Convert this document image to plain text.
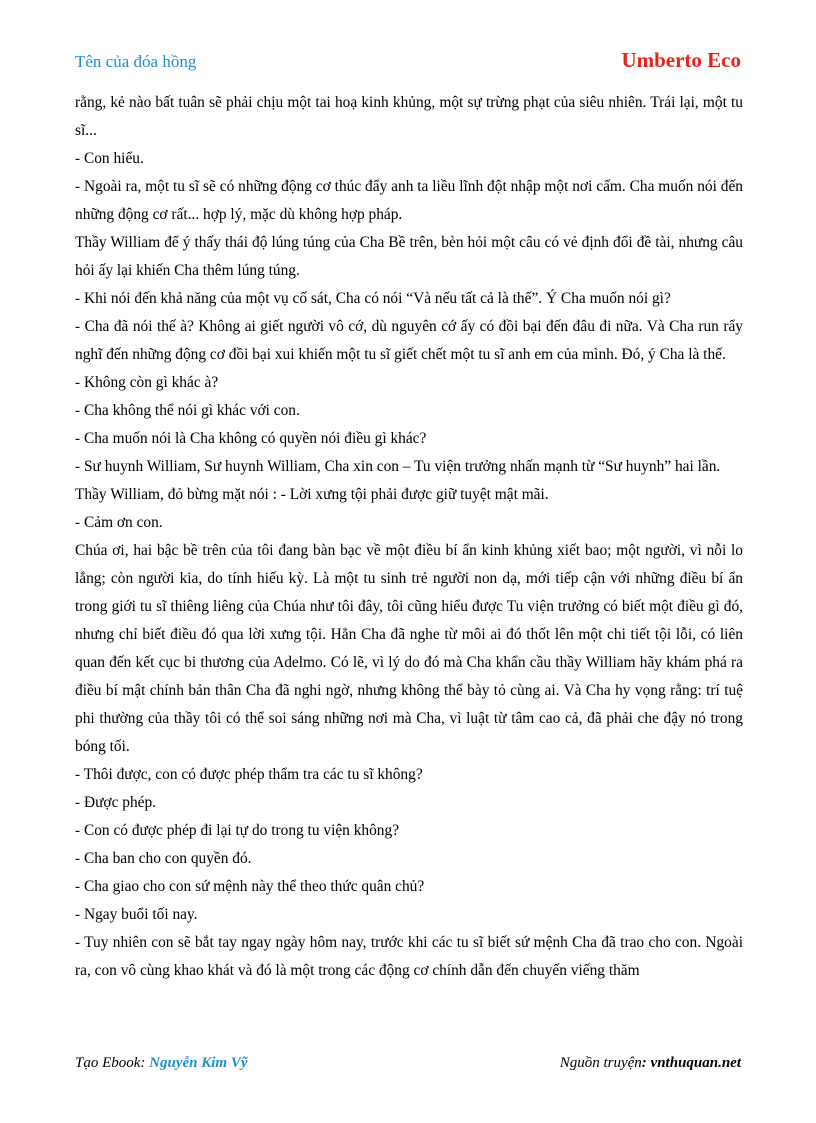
Tên của đóa hồng	Umberto Eco

rằng, kẻ nào bất tuân sẽ phải chịu một tai hoạ kinh khủng, một sự trừng phạt của siêu nhiên. Trái lại, một tu sĩ...

- Con hiểu.

- Ngoài ra, một tu sĩ sẽ có những động cơ thúc đẩy anh ta liều lĩnh đột nhập một nơi cấm. Cha muốn nói đến những động cơ rất... hợp lý, mặc dù không hợp pháp.

Thầy William để ý thấy thái độ lúng túng của Cha Bề trên, bèn hỏi một câu có vẻ định đổi đề tài, nhưng câu hỏi ấy lại khiến Cha thêm lúng túng.

- Khi nói đến khả năng của một vụ cố sát, Cha có nói “Và nếu tất cả là thế”. Ý Cha muốn nói gì?

- Cha đã nói thế à? Không ai giết người vô cớ, dù nguyên cớ ấy có đồi bại đến đâu đi nữa. Và Cha run rẩy nghĩ đến những động cơ đồi bại xui khiến một tu sĩ giết chết một tu sĩ anh em của mình. Đó, ý Cha là thế.

- Không còn gì khác à?

- Cha không thể nói gì khác với con.

- Cha muốn nói là Cha không có quyền nói điều gì khác?

- Sư huynh William, Sư huynh William, Cha xin con – Tu viện trưởng nhấn mạnh từ “Sư huynh” hai lần.

Thầy William, đỏ bừng mặt nói : - Lời xưng tội phải được giữ tuyệt mật mãi.

- Cảm ơn con.

Chúa ơi, hai bậc bề trên của tôi đang bàn bạc về một điều bí ẩn kinh khủng xiết bao; một người, vì nỗi lo lắng; còn người kia, do tính hiếu kỳ. Là một tu sinh trẻ người non dạ, mới tiếp cận với những điều bí ẩn trong giới tu sĩ thiêng liêng của Chúa như tôi đây, tôi cũng hiểu được Tu viện trưởng có biết một điều gì đó, nhưng chỉ biết điều đó qua lời xưng tội. Hẳn Cha đã nghe từ môi ai đó thốt lên một chi tiết tội lỗi, có liên quan đến kết cục bi thương của Adelmo. Có lẽ, vì lý do đó mà Cha khẩn cầu thầy William hãy khám phá ra điều bí mật chính bản thân Cha đã nghi ngờ, nhưng không thể bày tỏ cùng ai. Và Cha hy vọng rằng: trí tuệ phi thường của thầy tôi có thể soi sáng những nơi mà Cha, vì luật từ tâm cao cả, đã phải che đậy nó trong bóng tối.

- Thôi được, con có được phép thẩm tra các tu sĩ không?

- Được phép.

- Con có được phép đi lại tự do trong tu viện không?

- Cha ban cho con quyền đó.

- Cha giao cho con sứ mệnh này thể theo thức quân chủ?

- Ngay buổi tối nay.

- Tuy nhiên con sẽ bắt tay ngay ngày hôm nay, trước khi các tu sĩ biết sứ mệnh Cha đã trao cho con. Ngoài ra, con vô cùng khao khát và đó là một trong các động cơ chính dẫn đến chuyến viếng thăm

Tạo Ebook: Nguyễn Kim Vỹ	Nguồn truyện: vnthuquan.net
